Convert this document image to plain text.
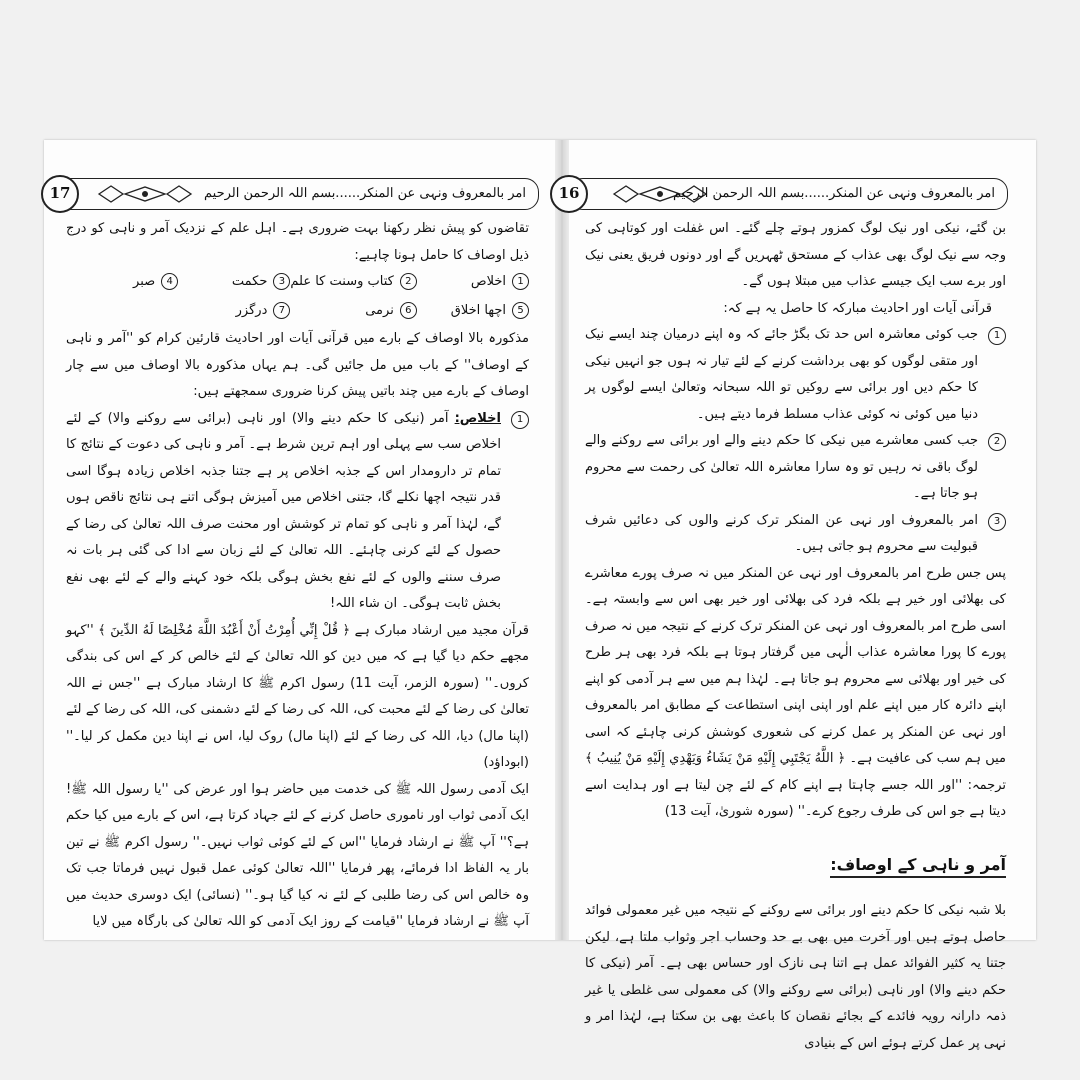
17	امر بالمعروف ونہی عن المنکر......بسم اللہ الرحمن الرحیم

تقاضوں کو پیش نظر رکھنا بہت ضروری ہے۔ اہل علم کے نزدیک آمر و ناہی کو درج ذیل اوصاف کا حامل ہونا چاہیے:

1اخلاص
2کتاب وسنت کا علم
3حکمت
4صبر
5اچھا اخلاق
6نرمی
7درگزر

مذکورہ بالا اوصاف کے بارے میں قرآنی آیات اور احادیث قارئین کرام کو ''آمر و ناہی کے اوصاف'' کے باب میں مل جائیں گی۔ ہم یہاں مذکورہ بالا اوصاف میں سے چار اوصاف کے بارے میں چند باتیں پیش کرنا ضروری سمجھتے ہیں:

1
اخلاص: آمر (نیکی کا حکم دینے والا) اور ناہی (برائی سے روکنے والا) کے لئے اخلاص سب سے پہلی اور اہم ترین شرط ہے۔ آمر و ناہی کی دعوت کے نتائج کا تمام تر دارومدار اس کے جذبہ اخلاص پر ہے جتنا جذبہ اخلاص زیادہ ہوگا اسی قدر نتیجہ اچھا نکلے گا، جتنی اخلاص میں آمیزش ہوگی اتنے ہی نتائج ناقص ہوں گے، لہٰذا آمر و ناہی کو تمام تر کوشش اور محنت صرف اللہ تعالیٰ کی رضا کے حصول کے لئے کرنی چاہئے۔ اللہ تعالیٰ کے لئے زبان سے ادا کی گئی ہر بات نہ صرف سننے والوں کے لئے نفع بخش ہوگی بلکہ خود کہنے والے کے لئے بھی نفع بخش ثابت ہوگی۔ ان شاء اللہ!

قرآن مجید میں ارشاد مبارک ہے ﴿ قُلْ إِنِّي أُمِرْتُ أَنْ أَعْبُدَ اللَّهَ مُخْلِصًا لَهُ الدِّينَ ﴾ ''کہو مجھے حکم دیا گیا ہے کہ میں دین کو اللہ تعالیٰ کے لئے خالص کر کے اس کی بندگی کروں۔'' (سورہ الزمر، آیت 11) رسول اکرم ﷺ کا ارشاد مبارک ہے ''جس نے اللہ تعالیٰ کی رضا کے لئے محبت کی، اللہ کی رضا کے لئے دشمنی کی، اللہ کی رضا کے لئے (اپنا مال) دیا، اللہ کی رضا کے لئے (اپنا مال) روک لیا، اس نے اپنا دین مکمل کر لیا۔'' (ابوداؤد)

ایک آدمی رسول اللہ ﷺ کی خدمت میں حاضر ہوا اور عرض کی ''یا رسول اللہ ﷺ! ایک آدمی ثواب اور ناموری حاصل کرنے کے لئے جہاد کرتا ہے، اس کے بارے میں کیا حکم ہے؟'' آپ ﷺ نے ارشاد فرمایا ''اس کے لئے کوئی ثواب نہیں۔'' رسول اکرم ﷺ نے تین بار یہ الفاظ ادا فرمائے، پھر فرمایا ''اللہ تعالیٰ کوئی عمل قبول نہیں فرماتا جب تک وہ خالص اس کی رضا طلبی کے لئے نہ کیا گیا ہو۔'' (نسائی) ایک دوسری حدیث میں آپ ﷺ نے ارشاد فرمایا ''قیامت کے روز ایک آدمی کو اللہ تعالیٰ کی بارگاہ میں لایا

16	امر بالمعروف ونہی عن المنکر......بسم اللہ الرحمن الرحیم

بن گئے، نیکی اور نیک لوگ کمزور ہوتے چلے گئے۔ اس غفلت اور کوتاہی کی وجہ سے نیک لوگ بھی عذاب کے مستحق ٹھہریں گے اور دونوں فریق یعنی نیک اور برے سب ایک جیسے عذاب میں مبتلا ہوں گے۔

قرآنی آیات اور احادیث مبارکہ کا حاصل یہ ہے کہ:

1
جب کوئی معاشرہ اس حد تک بگڑ جائے کہ وہ اپنے درمیان چند ایسے نیک اور متقی لوگوں کو بھی برداشت کرنے کے لئے تیار نہ ہوں جو انہیں نیکی کا حکم دیں اور برائی سے روکیں تو اللہ سبحانہ وتعالیٰ ایسے لوگوں پر دنیا میں کوئی نہ کوئی عذاب مسلط فرما دیتے ہیں۔
2
جب کسی معاشرے میں نیکی کا حکم دینے والے اور برائی سے روکنے والے لوگ باقی نہ رہیں تو وہ سارا معاشرہ اللہ تعالیٰ کی رحمت سے محروم ہو جاتا ہے۔
3
امر بالمعروف اور نہی عن المنکر ترک کرنے والوں کی دعائیں شرف قبولیت سے محروم ہو جاتی ہیں۔

پس جس طرح امر بالمعروف اور نہی عن المنکر میں نہ صرف پورے معاشرے کی بھلائی اور خیر ہے بلکہ فرد کی بھلائی اور خیر بھی اس سے وابستہ ہے۔ اسی طرح امر بالمعروف اور نہی عن المنکر ترک کرنے کے نتیجہ میں نہ صرف پورے کا پورا معاشرہ عذاب الٰہی میں گرفتار ہوتا ہے بلکہ فرد بھی ہر طرح کی خیر اور بھلائی سے محروم ہو جاتا ہے۔ لہٰذا ہم میں سے ہر آدمی کو اپنے اپنے دائرہ کار میں اپنے علم اور اپنی اپنی استطاعت کے مطابق امر بالمعروف اور نہی عن المنکر پر عمل کرنے کی شعوری کوشش کرنی چاہئے کہ اسی میں ہم سب کی عافیت ہے۔ ﴿ اللَّهُ يَجْتَبِي إِلَيْهِ مَنْ يَشَاءُ وَيَهْدِي إِلَيْهِ مَنْ يُنِيبُ ﴾ ترجمہ: ''اور اللہ جسے چاہتا ہے اپنے کام کے لئے چن لیتا ہے اور ہدایت اسے دیتا ہے جو اس کی طرف رجوع کرے۔'' (سورہ شوریٰ، آیت 13)

آمر و ناہی کے اوصاف:

بلا شبہ نیکی کا حکم دینے اور برائی سے روکنے کے نتیجہ میں غیر معمولی فوائد حاصل ہوتے ہیں اور آخرت میں بھی بے حد وحساب اجر وثواب ملتا ہے، لیکن جتنا یہ کثیر الفوائد عمل ہے اتنا ہی نازک اور حساس بھی ہے۔ آمر (نیکی کا حکم دینے والا) اور ناہی (برائی سے روکنے والا) کی معمولی سی غلطی یا غیر ذمہ دارانہ رویہ فائدے کے بجائے نقصان کا باعث بھی بن سکتا ہے، لہٰذا امر و نہی پر عمل کرتے ہوئے اس کے بنیادی
